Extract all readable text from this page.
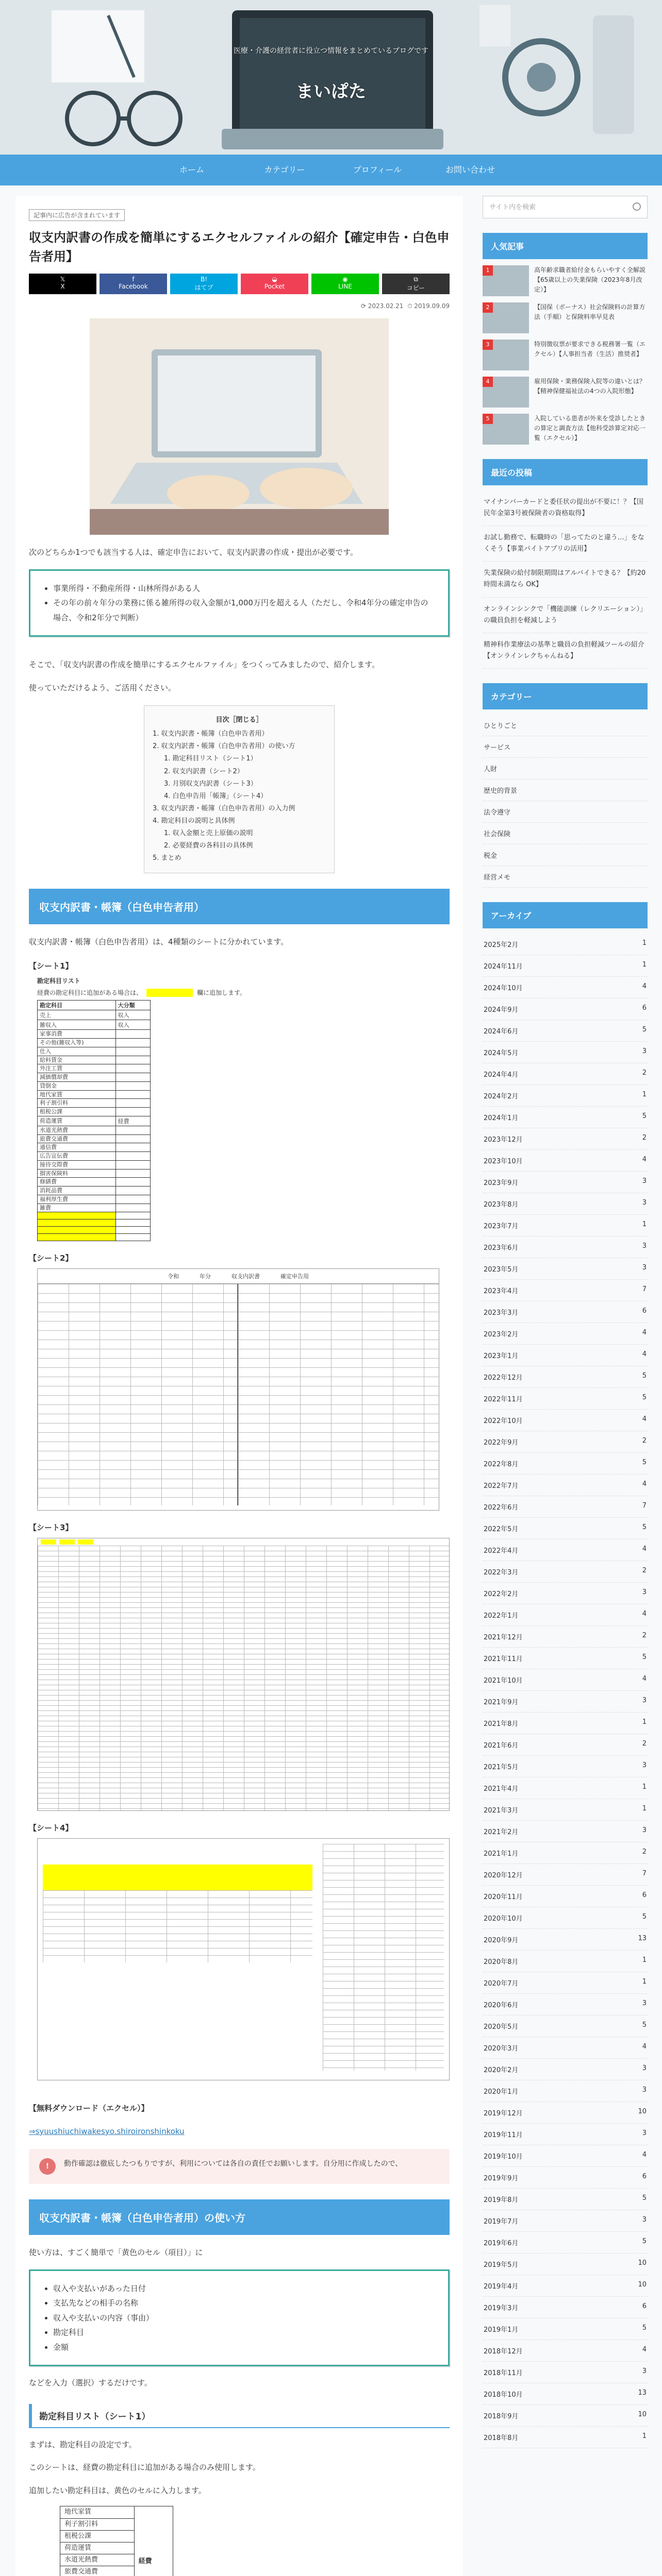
医療・介護の経営者に役立つ情報をまとめているブログです
まいぱた
ホーム	カテゴリー	プロフィール	お問い合わせ
記事内に広告が含まれています
収支内訳書の作成を簡単にするエクセルファイルの紹介【確定申告・白色申告者用】
𝕏
X
f
Facebook
B!
はてブ
◒
Pocket
◉
LINE
⧉
コピー
⟳ 2023.02.21 ⏱ 2019.09.09

次のどちらか1つでも該当する人は、確定申告において、収支内訳書の作成・提出が必要です。

• 事業所得・不動産所得・山林所得がある人
• その年の前々年分の業務に係る雑所得の収入金額が1,000万円を超える人（ただし、令和4年分の確定申告の場合、令和2年分で判断）

そこで、「収支内訳書の作成を簡単にするエクセルファイル」をつくってみましたので、紹介します。

使っていただけるよう、ご活用ください。

目次［閉じる］
1. 収支内訳書・帳簿（白色申告者用）
2. 収支内訳書・帳簿（白色申告者用）の使い方
1. 勘定科目リスト（シート1）
2. 収支内訳書（シート2）
3. 月別収支内訳書（シート3）
4. 白色申告用「帳簿」（シート4）
3. 収支内訳書・帳簿（白色申告者用）の入力例
4. 勘定科目の説明と具体例
1. 収入金額と売上原価の説明
2. 必要経費の各科目の具体例
5. まとめ
収支内訳書・帳簿（白色申告者用）

収支内訳書・帳簿（白色申告者用）は、4種類のシートに分かれています。

【シート1】
勘定科目リスト
経費の勘定科目に追加がある場合は、	欄に追加します。
勘定科目	大分類
売上	収入
雑収入	収入
家事消費	
その他(雑収入等)	
仕入	
給料賃金	
外注工賃	
減価償却費	
貸倒金	
地代家賃	
利子割引料	
租税公課	
荷造運賃	経費
水道光熱費	
旅費交通費	
通信費	
広告宣伝費	
接待交際費	
損害保険料	
修繕費	
消耗品費	
福利厚生費	
雑費	

【シート2】
令和	年分	収支内訳書	確定申告用
【シート3】
【シート4】

【無料ダウンロード（エクセル）】

⇒syuushiuchiwakesyo.shiroironshinkoku

!	動作確認は徹底したつもりですが、利用については各自の責任でお願いします。自分用に作成したので、
収支内訳書・帳簿（白色申告者用）の使い方

使い方は、すごく簡単で「黄色のセル（項目）」に

• 収入や支払いがあった日付
• 支払先などの相手の名称
• 収入や支払いの内容（事由）
• 勘定科目
• 金額

などを入力（選択）するだけです。

勘定科目リスト（シート1）

まずは、勘定科目の設定です。

このシートは、経費の勘定科目に追加がある場合のみ使用します。

追加したい勘定科目は、黄色のセルに入力します。

地代家賃	経費
利子割引料
租税公課
荷造運賃
水道光熱費
旅費交通費

サイト内を検索
人気記事
1	高年齢求職者給付金もらいやすく全解説【65歳以上の失業保険（2023年8月改定）】
2	【国保（ボーナス）社会保険料の計算方法（手順）と保険料率早見表
3	特別徴収票が要求できる税務署一覧（エクセル）【人事担当者（生活）推奨者】
4	雇用保険・業務保険入院等の違いとは？【精神保健福祉法の4つの入院形態】
5	入院している患者が外来を受診したときの算定と調査方法【他科受診算定対応一覧（エクセル）】
最近の投稿
マイナンバーカードと委任状の提出が不要に！？【国民年金第3号被保険者の資格取得】
お試し勤務で、転職時の「思ってたのと違う…」をなくそう【事業パイトアプリの活用】
失業保険の給付制限期間はアルバイトできる？【約20時間未満なら OK】
オンラインシンクで「機能訓練（レクリエーション）」の職員負担を軽減しよう
精神科作業療法の基準と職員の負担軽減ツールの紹介【オンラインレクちゃんねる】
カテゴリー
ひとりごと
サービス
人財
歴史的背景
法令遵守
社会保険
税金
経営メモ
アーカイブ
2025年2月	1
2024年11月	1
2024年10月	4
2024年9月	6
2024年6月	5
2024年5月	3
2024年4月	2
2024年2月	1
2024年1月	5
2023年12月	2
2023年10月	4
2023年9月	3
2023年8月	3
2023年7月	1
2023年6月	3
2023年5月	3
2023年4月	7
2023年3月	6
2023年2月	4
2023年1月	4
2022年12月	5
2022年11月	5
2022年10月	4
2022年9月	2
2022年8月	5
2022年7月	4
2022年6月	7
2022年5月	5
2022年4月	4
2022年3月	2
2022年2月	3
2022年1月	4
2021年12月	2
2021年11月	5
2021年10月	4
2021年9月	3
2021年8月	1
2021年6月	2
2021年5月	3
2021年4月	1
2021年3月	1
2021年2月	3
2021年1月	2
2020年12月	7
2020年11月	6
2020年10月	5
2020年9月	13
2020年8月	1
2020年7月	1
2020年6月	3
2020年5月	5
2020年3月	4
2020年2月	3
2020年1月	3
2019年12月	10
2019年11月	3
2019年10月	4
2019年9月	6
2019年8月	5
2019年7月	3
2019年6月	5
2019年5月	10
2019年4月	10
2019年3月	6
2019年1月	5
2018年12月	4
2018年11月	3
2018年10月	13
2018年9月	10
2018年8月	1
